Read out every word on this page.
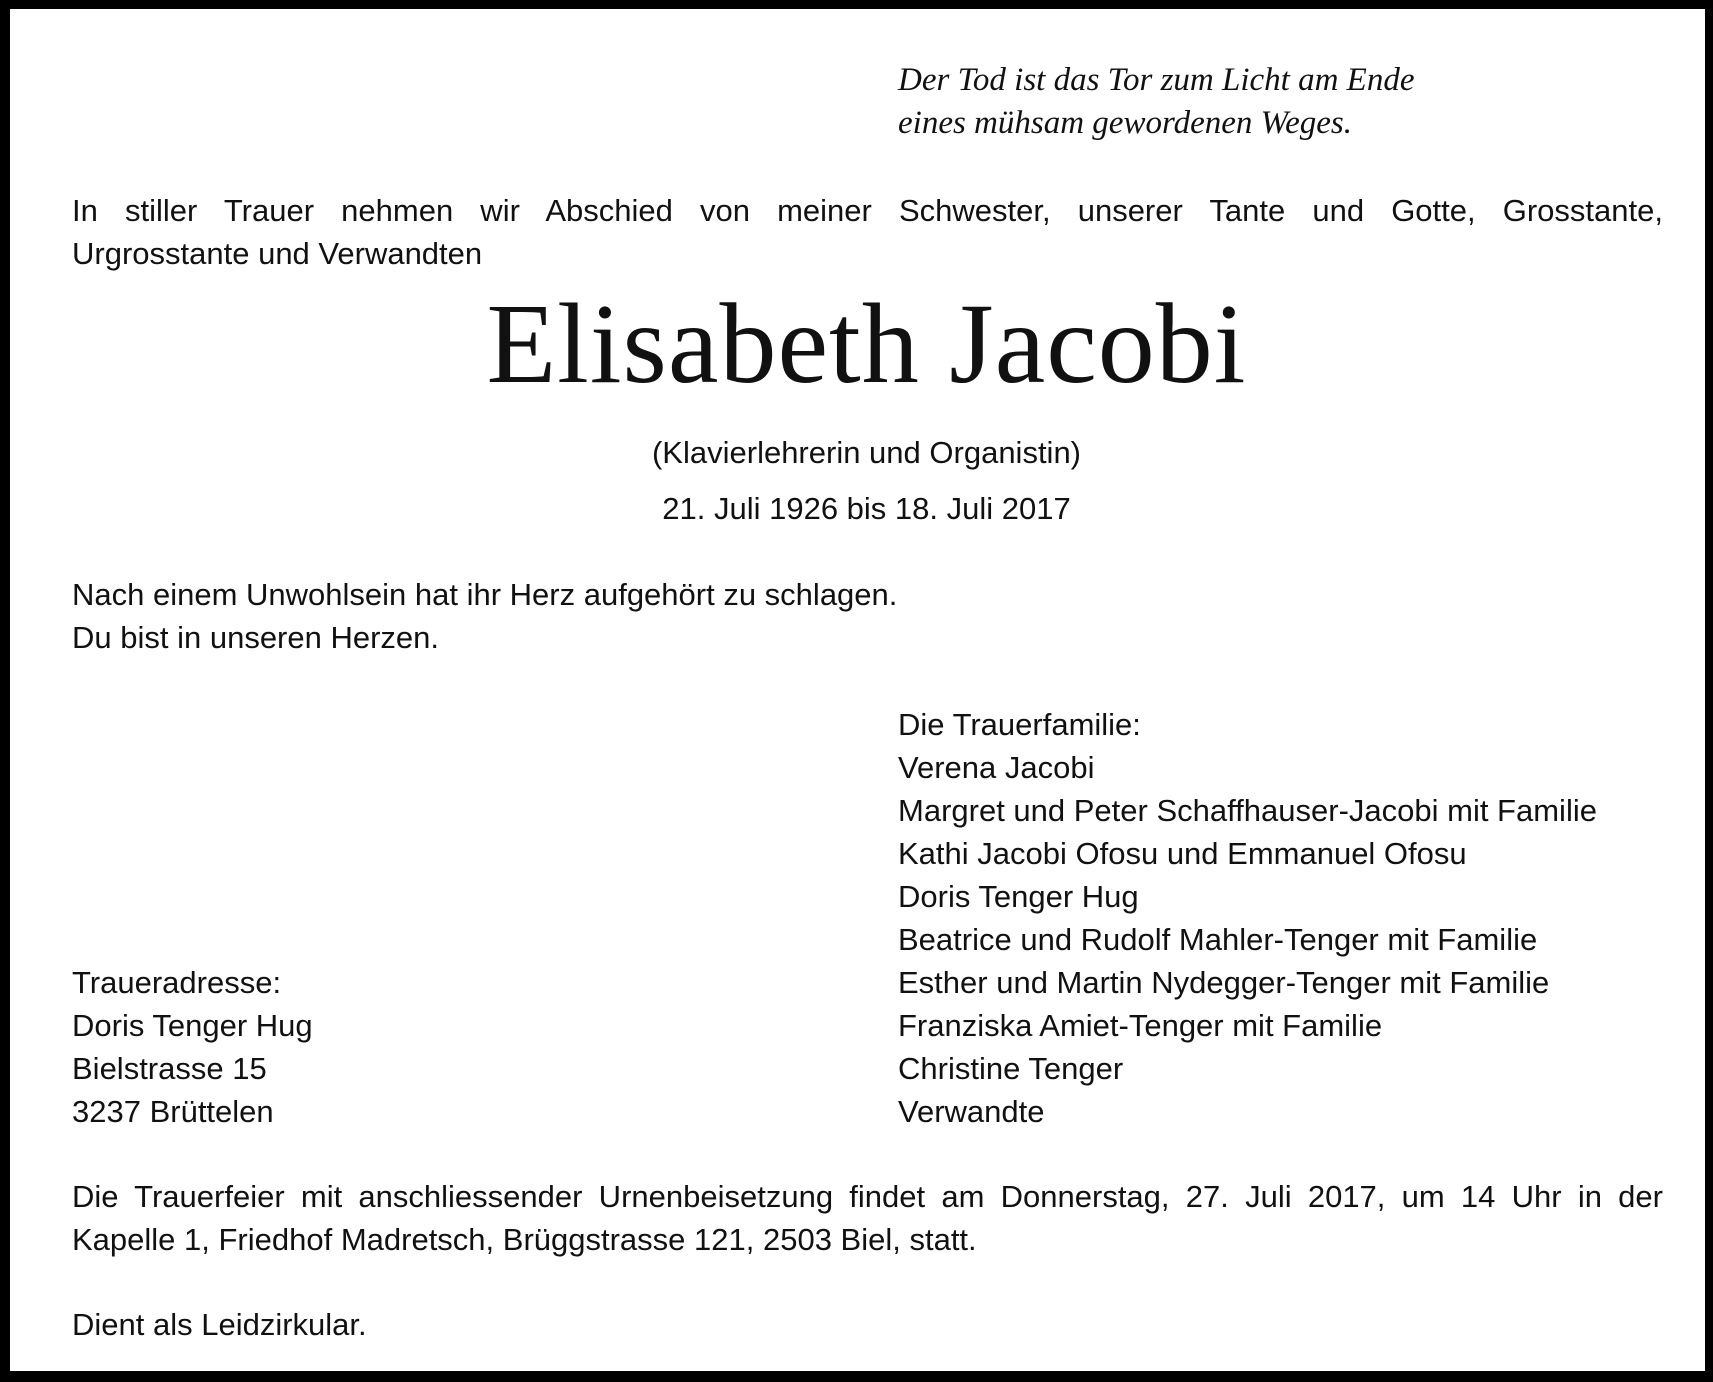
Der Tod ist das Tor zum Licht am Ende
eines mühsam gewordenen Weges.
In stiller Trauer nehmen wir Abschied von meiner Schwester, unserer Tante und Gotte, Grosstante,
Urgrosstante und Verwandten
Elisabeth Jacobi
(Klavierlehrerin und Organistin)
21. Juli 1926 bis 18. Juli 2017
Nach einem Unwohlsein hat ihr Herz aufgehört zu schlagen.
Du bist in unseren Herzen.
Die Trauerfamilie:
Verena Jacobi
Margret und Peter Schaffhauser-Jacobi mit Familie
Kathi Jacobi Ofosu und Emmanuel Ofosu
Doris Tenger Hug
Beatrice und Rudolf Mahler-Tenger mit Familie
Esther und Martin Nydegger-Tenger mit Familie
Franziska Amiet-Tenger mit Familie
Christine Tenger
Verwandte
Traueradresse:
Doris Tenger Hug
Bielstrasse 15
3237 Brüttelen
Die Trauerfeier mit anschliessender Urnenbeisetzung findet am Donnerstag, 27. Juli 2017, um 14 Uhr in der
Kapelle 1, Friedhof Madretsch, Brüggstrasse 121, 2503 Biel, statt.
Dient als Leidzirkular.
